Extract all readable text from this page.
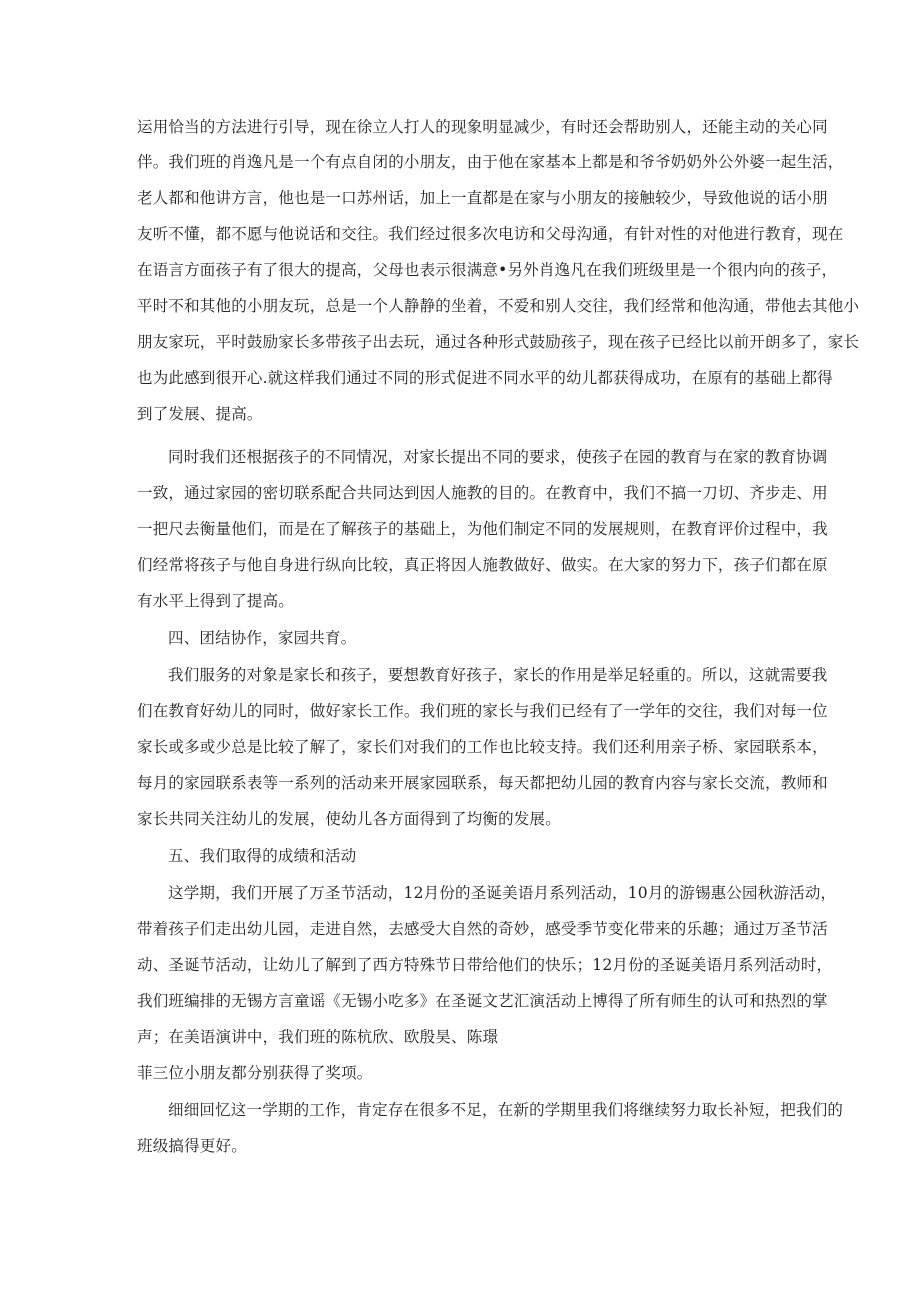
运用恰当的方法进行引导，现在徐立人打人的现象明显减少，有时还会帮助别人，还能主动的关心同
伴。我们班的肖逸凡是一个有点自闭的小朋友，由于他在家基本上都是和爷爷奶奶外公外婆一起生活，
老人都和他讲方言，他也是一口苏州话，加上一直都是在家与小朋友的接触较少，导致他说的话小朋
友听不懂，都不愿与他说话和交往。我们经过很多次电访和父母沟通，有针对性的对他进行教育，现在
在语言方面孩子有了很大的提高，父母也表示很满意•另外肖逸凡在我们班级里是一个很内向的孩子，
平时不和其他的小朋友玩，总是一个人静静的坐着，不爱和别人交往，我们经常和他沟通，带他去其他小
朋友家玩，平时鼓励家长多带孩子出去玩，通过各种形式鼓励孩子，现在孩子已经比以前开朗多了，家长
也为此感到很开心.就这样我们通过不同的形式促进不同水平的幼儿都获得成功，在原有的基础上都得
到了发展、提高。
同时我们还根据孩子的不同情况，对家长提出不同的要求，使孩子在园的教育与在家的教育协调
一致，通过家园的密切联系配合共同达到因人施教的目的。在教育中，我们不搞一刀切、齐步走、用
一把尺去衡量他们，而是在了解孩子的基础上，为他们制定不同的发展规则，在教育评价过程中，我
们经常将孩子与他自身进行纵向比较，真正将因人施教做好、做实。在大家的努力下，孩子们都在原
有水平上得到了提高。
四、团结协作，家园共育。
我们服务的对象是家长和孩子，要想教育好孩子，家长的作用是举足轻重的。所以，这就需要我
们在教育好幼儿的同时，做好家长工作。我们班的家长与我们已经有了一学年的交往，我们对每一位
家长或多或少总是比较了解了，家长们对我们的工作也比较支持。我们还利用亲子桥、家园联系本，
每月的家园联系表等一系列的活动来开展家园联系，每天都把幼儿园的教育内容与家长交流，教师和
家长共同关注幼儿的发展，使幼儿各方面得到了均衡的发展。
五、我们取得的成绩和活动
这学期，我们开展了万圣节活动，12月份的圣诞美语月系列活动，10月的游锡惠公园秋游活动，
带着孩子们走出幼儿园，走进自然，去感受大自然的奇妙，感受季节变化带来的乐趣；通过万圣节活
动、圣诞节活动，让幼儿了解到了西方特殊节日带给他们的快乐；12月份的圣诞美语月系列活动时，
我们班编排的无锡方言童谣《无锡小吃多》在圣诞文艺汇演活动上博得了所有师生的认可和热烈的掌
声；在美语演讲中，我们班的陈杭欣、欧殷昊、陈璟
菲三位小朋友都分别获得了奖项。
细细回忆这一学期的工作，肯定存在很多不足，在新的学期里我们将继续努力取长补短，把我们的
班级搞得更好。
